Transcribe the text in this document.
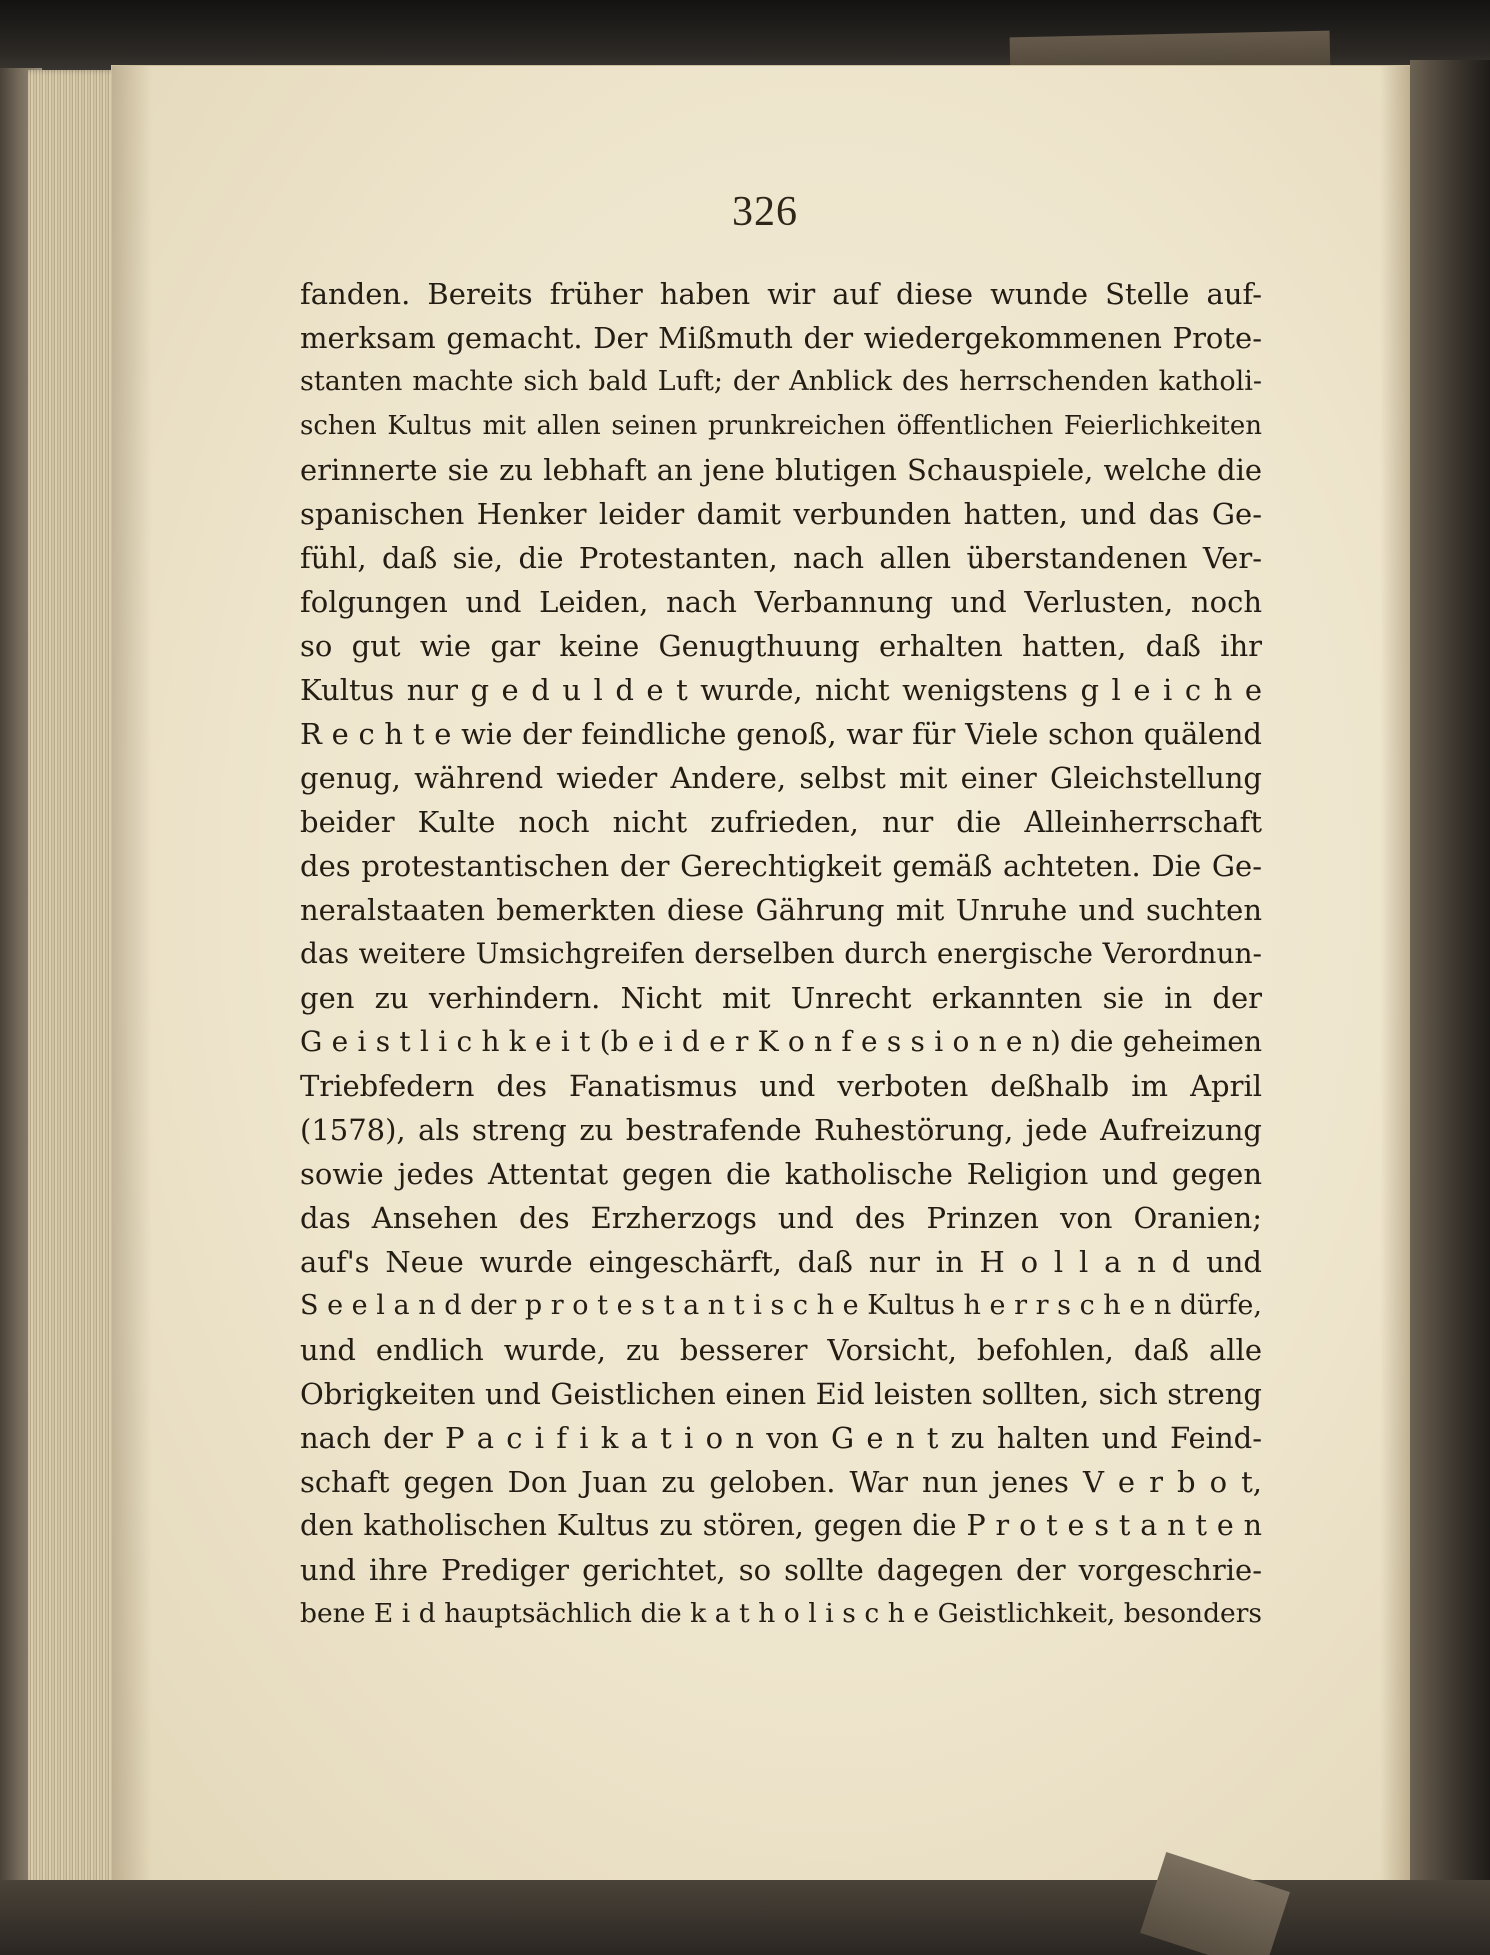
326
fanden. Bereits früher haben wir auf diese wunde Stelle auf-
merksam gemacht. Der Mißmuth der wiedergekommenen Prote-
stanten machte sich bald Luft; der Anblick des herrschenden katholi-
schen Kultus mit allen seinen prunkreichen öffentlichen Feierlichkeiten
erinnerte sie zu lebhaft an jene blutigen Schauspiele, welche die
spanischen Henker leider damit verbunden hatten, und das Ge-
fühl, daß sie, die Protestanten, nach allen überstandenen Ver-
folgungen und Leiden, nach Verbannung und Verlusten, noch
so gut wie gar keine Genugthuung erhalten hatten, daß ihr
Kultus nur g e d u l d e t wurde, nicht wenigstens g l e i c h e
R e c h t e wie der feindliche genoß, war für Viele schon quälend
genug, während wieder Andere, selbst mit einer Gleichstellung
beider Kulte noch nicht zufrieden, nur die Alleinherrschaft
des protestantischen der Gerechtigkeit gemäß achteten. Die Ge-
neralstaaten bemerkten diese Gährung mit Unruhe und suchten
das weitere Umsichgreifen derselben durch energische Verordnun-
gen zu verhindern. Nicht mit Unrecht erkannten sie in der
G e i s t l i c h k e i t (b e i d e r K o n f e s s i o n e n) die geheimen
Triebfedern des Fanatismus und verboten deßhalb im April
(1578), als streng zu bestrafende Ruhestörung, jede Aufreizung
sowie jedes Attentat gegen die katholische Religion und gegen
das Ansehen des Erzherzogs und des Prinzen von Oranien;
auf's Neue wurde eingeschärft, daß nur in H o l l a n d und
S e e l a n d der p r o t e s t a n t i s c h e Kultus h e r r s c h e n dürfe,
und endlich wurde, zu besserer Vorsicht, befohlen, daß alle
Obrigkeiten und Geistlichen einen Eid leisten sollten, sich streng
nach der P a c i f i k a t i o n von G e n t zu halten und Feind-
schaft gegen Don Juan zu geloben. War nun jenes V e r b o t,
den katholischen Kultus zu stören, gegen die P r o t e s t a n t e n
und ihre Prediger gerichtet, so sollte dagegen der vorgeschrie-
bene E i d hauptsächlich die k a t h o l i s c h e Geistlichkeit, besonders
